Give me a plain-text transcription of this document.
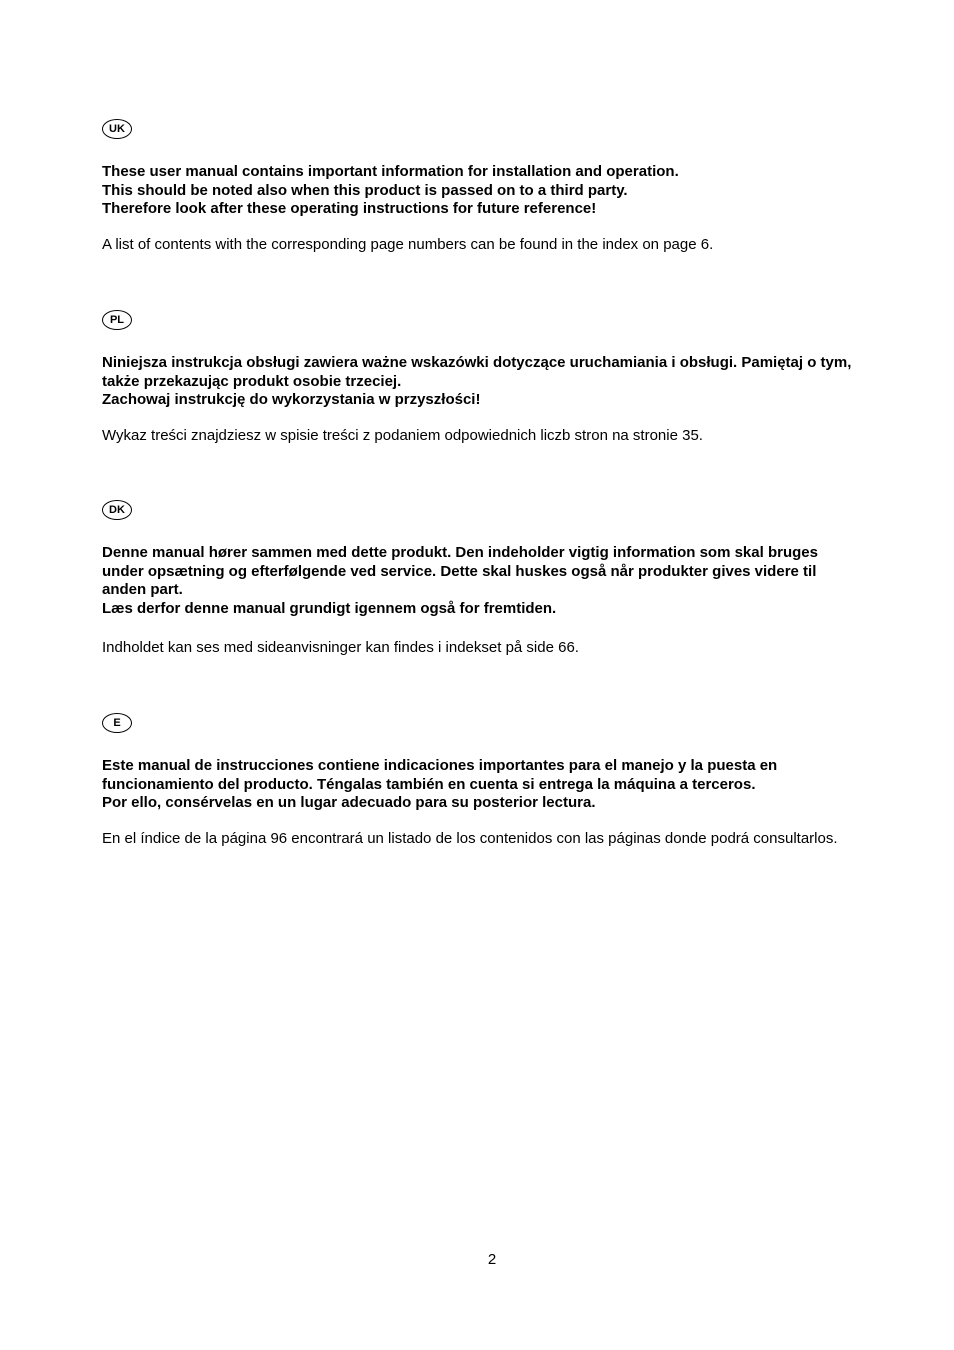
UK

These user manual contains important information for installation and operation.

This should be noted also when this product is passed on to a third party.

Therefore look after these operating instructions for future reference!

A list of contents with the corresponding page numbers can be found in the index on page 6.
PL

Niniejsza instrukcja obsługi zawiera ważne wskazówki dotyczące uruchamiania i obsługi. Pamiętaj o tym, także przekazując produkt osobie trzeciej.

Zachowaj instrukcję do wykorzystania w przyszłości!

Wykaz treści znajdziesz w spisie treści z podaniem odpowiednich liczb stron na stronie 35.
DK

Denne manual hører sammen med dette produkt. Den indeholder vigtig information som skal bruges under opsætning og efterfølgende ved service. Dette skal huskes også når produkter gives videre til anden part.

Læs derfor denne manual grundigt igennem også for fremtiden.

Indholdet kan ses med sideanvisninger kan findes i indekset på side 66.
E

Este manual de instrucciones contiene indicaciones importantes para el manejo y la puesta en funcionamiento del producto. Téngalas también en cuenta si entrega la máquina a terceros.

Por ello, consérvelas en un lugar adecuado para su posterior lectura.

En el índice de la página 96 encontrará un listado de los contenidos con las páginas donde podrá consultarlos.
2
